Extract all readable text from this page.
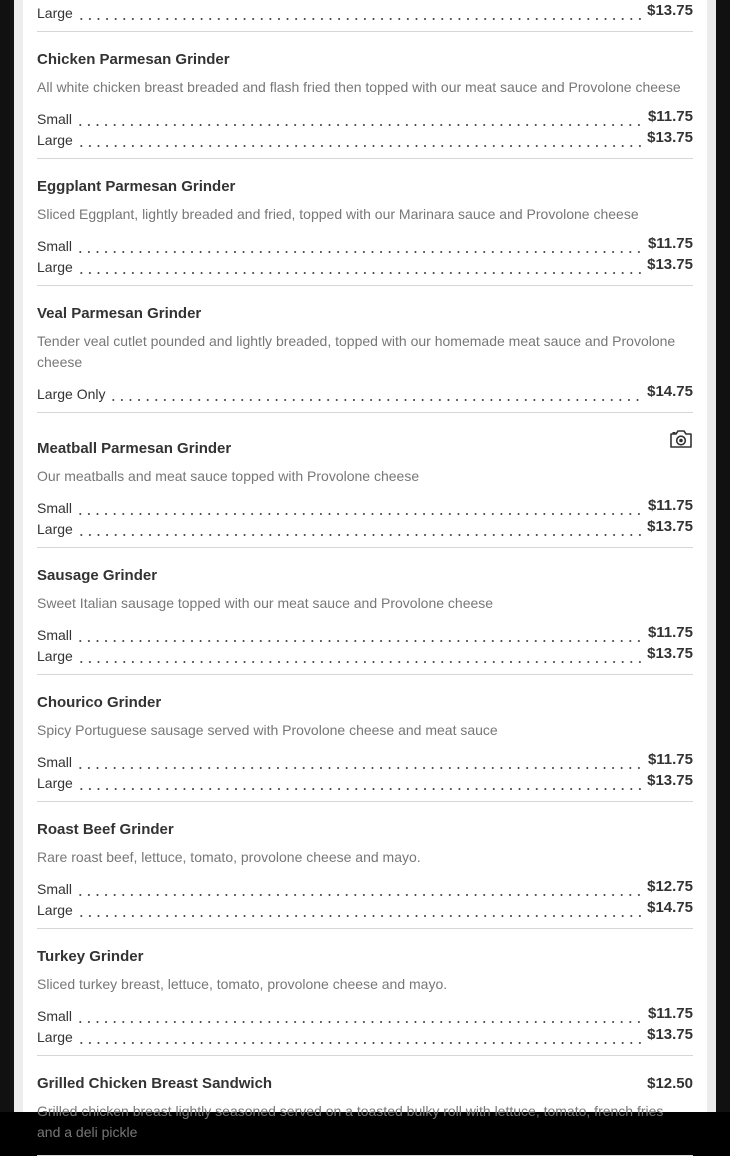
Large	$13.75
Chicken Parmesan Grinder
All white chicken breast breaded and flash fried then topped with our meat sauce and Provolone cheese
Small	$11.75
Large	$13.75
Eggplant Parmesan Grinder
Sliced Eggplant, lightly breaded and fried, topped with our Marinara sauce and Provolone cheese
Small	$11.75
Large	$13.75
Veal Parmesan Grinder
Tender veal cutlet pounded and lightly breaded, topped with our homemade meat sauce and Provolone cheese
Large Only	$14.75
Meatball Parmesan Grinder
Our meatballs and meat sauce topped with Provolone cheese
Small	$11.75
Large	$13.75
Sausage Grinder
Sweet Italian sausage topped with our meat sauce and Provolone cheese
Small	$11.75
Large	$13.75
Chourico Grinder
Spicy Portuguese sausage served with Provolone cheese and meat sauce
Small	$11.75
Large	$13.75
Roast Beef Grinder
Rare roast beef, lettuce, tomato, provolone cheese and mayo.
Small	$12.75
Large	$14.75
Turkey Grinder
Sliced turkey breast, lettuce, tomato, provolone cheese and mayo.
Small	$11.75
Large	$13.75
Grilled Chicken Breast Sandwich	$12.50
Grilled chicken breast lightly seasoned served on a toasted bulky roll with lettuce, tomato, french fries and a deli pickle
